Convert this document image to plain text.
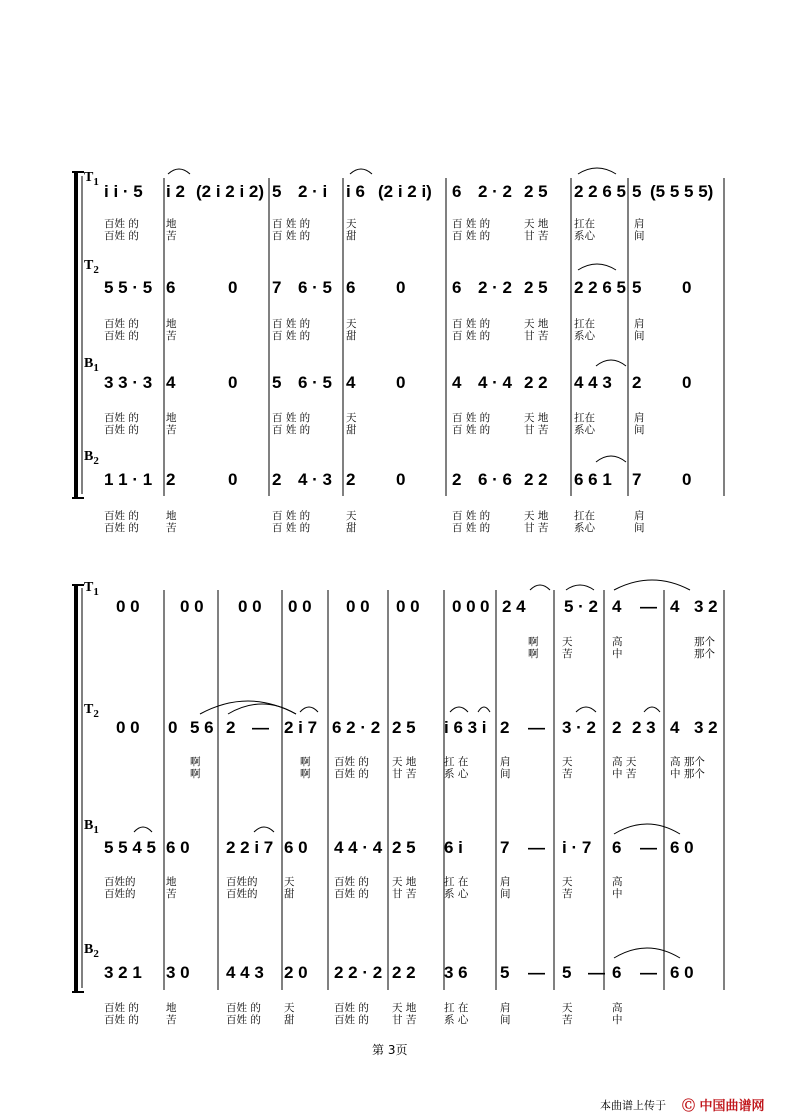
$T_1$
$T_2$
$B_1$
$B_2$
$T_1$
$T_2$
$B_1$
$B_2$
i i · 5 i 2 (2 i 2 i 2) 5 2 · i i 6 (2 i 2 i) 6 2 · 2 2 5 2 2 6 5 5 (5 5 5 5)
5 5 · 5 6	0 7 6 · 5 6 0	6 2 · 2 2 5 2 2 6 5 5 0
3 3 · 3 4	0 5 6 · 5 4 0	4 4 · 4 2 2 4 4 3 2 0
1 1 · 1 2	0 2 4 · 3 2 0	2 6 · 6 2 2 6 6 1 7 0
百姓 的	地	百 姓 的	天	百 姓 的	天 地 扛在	肩
百姓 的	苦	百 姓 的	甜	百 姓 的	甘 苦 系心	间
百姓 的	地	百 姓 的	天	百 姓 的	天 地 扛在	肩
百姓 的	苦	百 姓 的	甜	百 姓 的	甘 苦 系心	间
百姓 的	地	百 姓 的	天	百 姓 的	天 地 扛在	肩
百姓 的	苦	百 姓 的	甜	百 姓 的	甘 苦 系心	间
百姓 的	地	百 姓 的	天	百 姓 的	天 地 扛在	肩
百姓 的	苦	百 姓 的	甜	百 姓 的	甘 苦 系心	间
0 0 0 0 0 0 0 0 0 0 0 0 0 0 0 2 4 5 · 2 4 — 4 3 2
0 0 0 5 6 2 — 2 i 7 6 2 · 2 2 5 i 6 3 i 2 — 3 · 2 2 2 3 4 3 2
5 5 4 5 6 0 2 2 i 7 6 0 4 4 · 4 2 5 6 i 7 — i · 7 6 — 6 0
3 2 1 3 0 4 4 3 2 0 2 2 · 2 2 2 3 6 5 — 5 — 6 — 6 0
啊 天	高	那个
啊 苦	中	那个
啊	啊 百姓 的 天 地	扛 在	肩	天	高 天	高 那个
啊	啊 百姓 的 甘 苦	系 心	间	苦	中 苦	中 那个
百姓的	地	百姓的	天	百姓 的 天 地	扛 在	肩	天	高
百姓的	苦	百姓的	甜	百姓 的 甘 苦	系 心	间	苦	中
百姓 的	地	百姓 的 天	百姓 的 天 地	扛 在	肩	天	高
百姓 的	苦	百姓 的 甜	百姓 的 甘 苦	系 心	间	苦	中
第 3页
本曲谱上传于 Ⓒ 中国曲谱网
